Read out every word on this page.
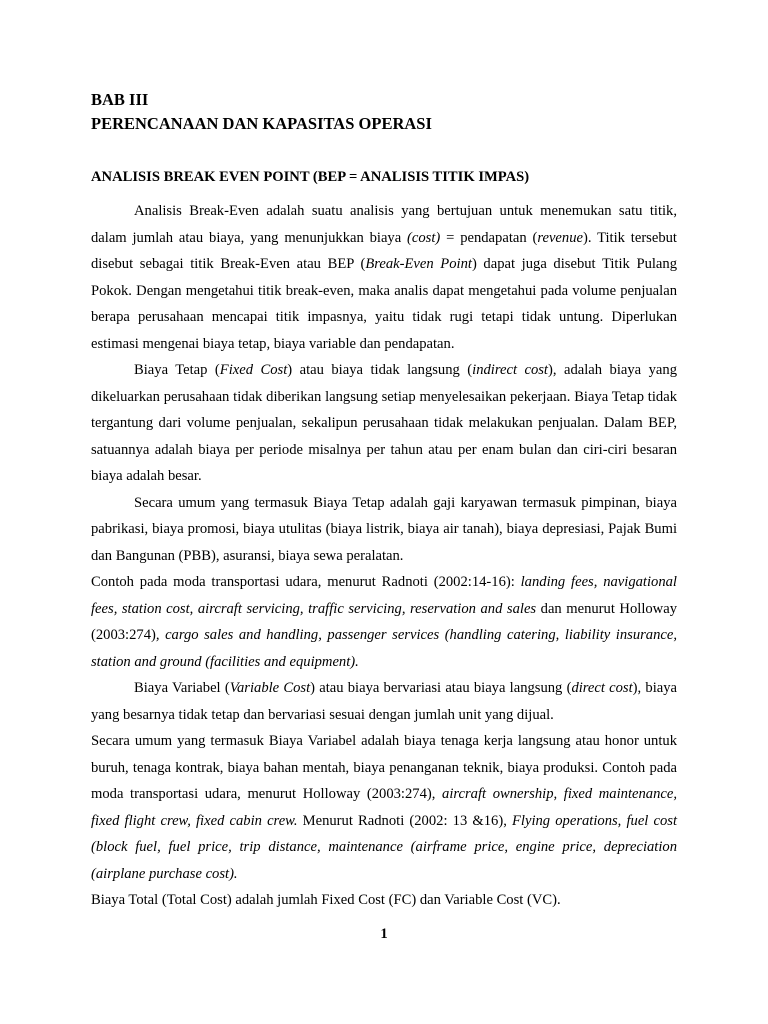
BAB III
PERENCANAAN DAN KAPASITAS OPERASI
ANALISIS BREAK EVEN POINT (BEP = ANALISIS TITIK IMPAS)

Analisis Break-Even adalah suatu analisis yang bertujuan untuk menemukan satu titik, dalam jumlah atau biaya, yang menunjukkan biaya (cost) = pendapatan (revenue). Titik tersebut disebut sebagai titik Break-Even atau BEP (Break-Even Point) dapat juga disebut Titik Pulang Pokok. Dengan mengetahui titik break-even, maka analis dapat mengetahui pada volume penjualan berapa perusahaan mencapai titik impasnya, yaitu tidak rugi tetapi tidak untung. Diperlukan estimasi mengenai biaya tetap, biaya variable dan pendapatan.

Biaya Tetap (Fixed Cost) atau biaya tidak langsung (indirect cost), adalah biaya yang dikeluarkan perusahaan tidak diberikan langsung setiap menyelesaikan pekerjaan. Biaya Tetap tidak tergantung dari volume penjualan, sekalipun perusahaan tidak melakukan penjualan. Dalam BEP, satuannya adalah biaya per periode misalnya per tahun atau per enam bulan dan ciri-ciri besaran biaya adalah besar.

Secara umum yang termasuk Biaya Tetap adalah gaji karyawan termasuk pimpinan, biaya pabrikasi, biaya promosi, biaya utulitas (biaya listrik, biaya air tanah), biaya depresiasi, Pajak Bumi dan Bangunan (PBB), asuransi, biaya sewa peralatan.

Contoh pada moda transportasi udara, menurut Radnoti (2002:14-16): landing fees, navigational fees, station cost, aircraft servicing, traffic servicing, reservation and sales dan menurut Holloway (2003:274), cargo sales and handling, passenger services (handling catering, liability insurance, station and ground (facilities and equipment).

Biaya Variabel (Variable Cost) atau biaya bervariasi atau biaya langsung (direct cost), biaya yang besarnya tidak tetap dan bervariasi sesuai dengan jumlah unit yang dijual.

Secara umum yang termasuk Biaya Variabel adalah biaya tenaga kerja langsung atau honor untuk buruh, tenaga kontrak, biaya bahan mentah, biaya penanganan teknik, biaya produksi. Contoh pada moda transportasi udara, menurut Holloway (2003:274), aircraft ownership, fixed maintenance, fixed flight crew, fixed cabin crew. Menurut Radnoti (2002: 13 &16), Flying operations, fuel cost (block fuel, fuel price, trip distance, maintenance (airframe price, engine price, depreciation (airplane purchase cost).

Biaya Total (Total Cost) adalah jumlah Fixed Cost (FC) dan Variable Cost (VC).

1
